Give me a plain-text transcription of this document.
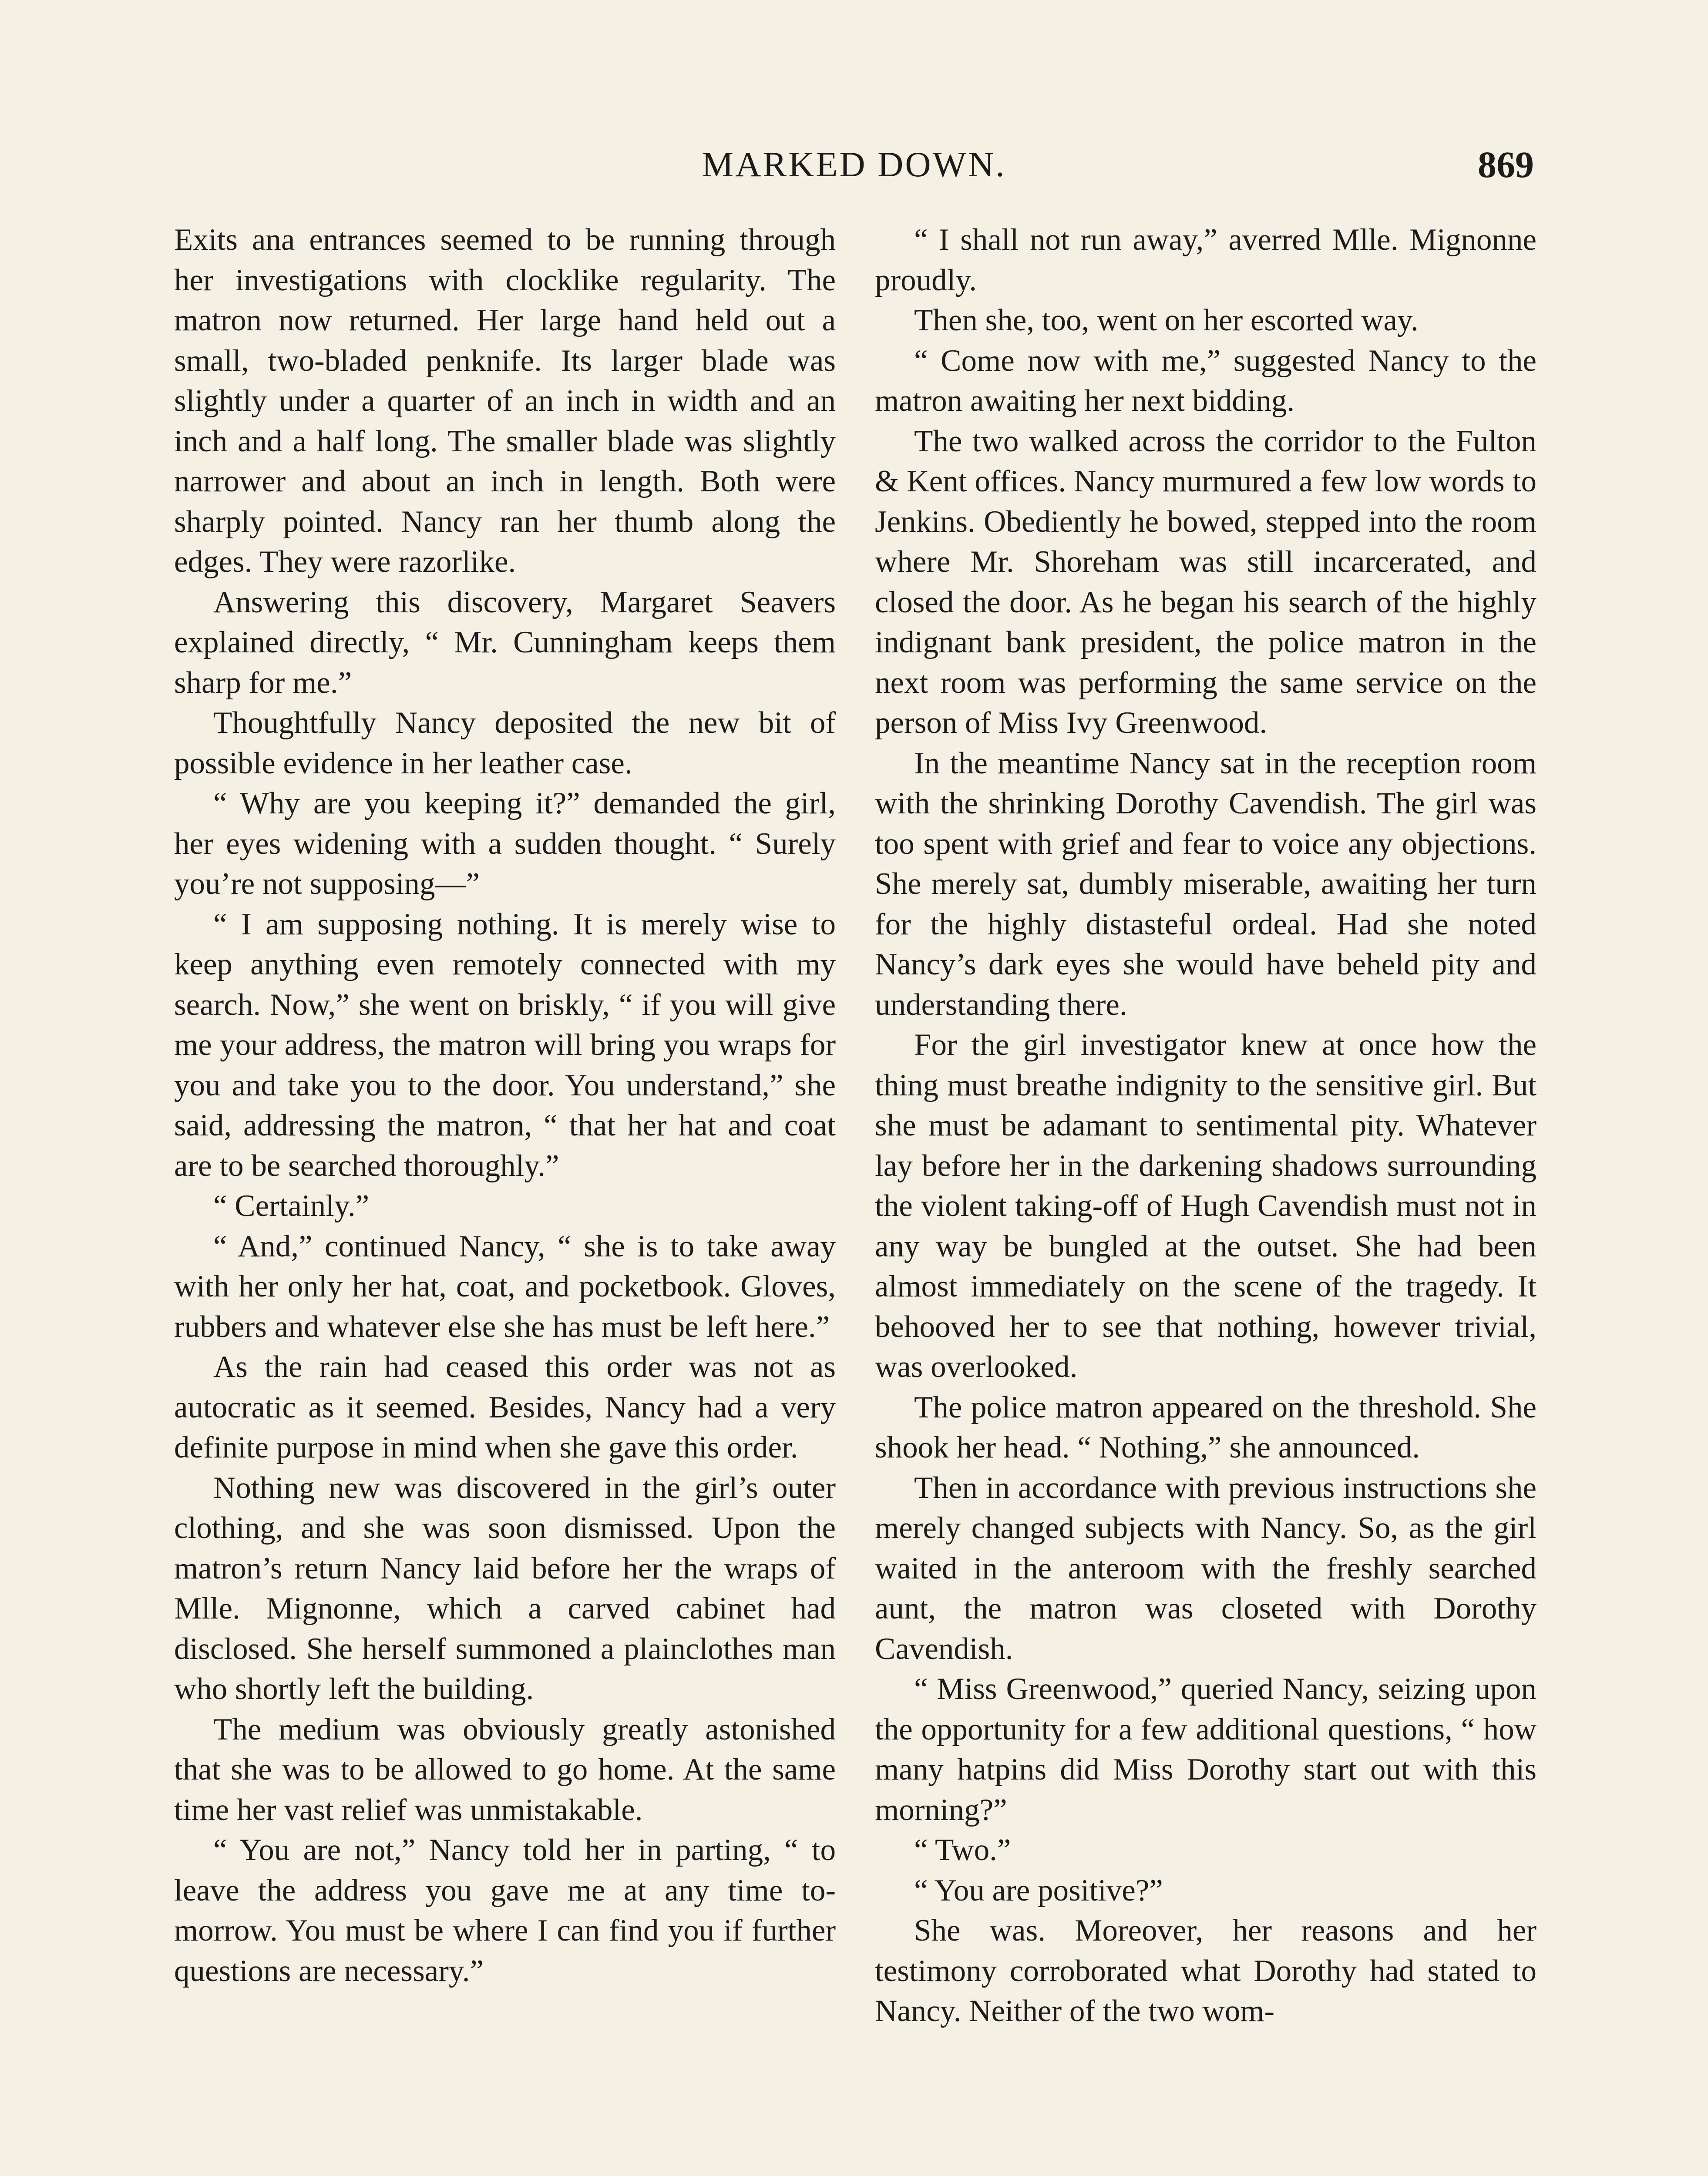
MARKED DOWN.	869

Exits ana entrances seemed to be running through her investigations with clocklike regularity. The matron now returned. Her large hand held out a small, two-bladed penknife. Its larger blade was slightly under a quarter of an inch in width and an inch and a half long. The smaller blade was slightly narrower and about an inch in length. Both were sharply pointed. Nancy ran her thumb along the edges. They were razorlike.

Answering this discovery, Margaret Seavers explained directly, “ Mr. Cunningham keeps them sharp for me.”

Thoughtfully Nancy deposited the new bit of possible evidence in her leather case.

“ Why are you keeping it?” demanded the girl, her eyes widening with a sudden thought. “ Surely you’re not supposing—”

“ I am supposing nothing. It is merely wise to keep anything even remotely connected with my search. Now,” she went on briskly, “ if you will give me your address, the matron will bring you wraps for you and take you to the door. You understand,” she said, addressing the matron, “ that her hat and coat are to be searched thoroughly.”

“ Certainly.”

“ And,” continued Nancy, “ she is to take away with her only her hat, coat, and pocketbook. Gloves, rubbers and whatever else she has must be left here.”

As the rain had ceased this order was not as autocratic as it seemed. Besides, Nancy had a very definite purpose in mind when she gave this order.

Nothing new was discovered in the girl’s outer clothing, and she was soon dismissed. Upon the matron’s return Nancy laid before her the wraps of Mlle. Mignonne, which a carved cabinet had disclosed. She herself summoned a plainclothes man who shortly left the building.

The medium was obviously greatly astonished that she was to be allowed to go home. At the same time her vast relief was unmistakable.

“ You are not,” Nancy told her in parting, “ to leave the address you gave me at any time to-morrow. You must be where I can find you if further questions are necessary.”

“ I shall not run away,” averred Mlle. Mignonne proudly.

Then she, too, went on her escorted way.

“ Come now with me,” suggested Nancy to the matron awaiting her next bidding.

The two walked across the corridor to the Fulton & Kent offices. Nancy murmured a few low words to Jenkins. Obediently he bowed, stepped into the room where Mr. Shoreham was still incarcerated, and closed the door. As he began his search of the highly indignant bank president, the police matron in the next room was performing the same service on the person of Miss Ivy Greenwood.

In the meantime Nancy sat in the reception room with the shrinking Dorothy Cavendish. The girl was too spent with grief and fear to voice any objections. She merely sat, dumbly miserable, awaiting her turn for the highly distasteful ordeal. Had she noted Nancy’s dark eyes she would have beheld pity and understanding there.

For the girl investigator knew at once how the thing must breathe indignity to the sensitive girl. But she must be adamant to sentimental pity. Whatever lay before her in the darkening shadows surrounding the violent taking-off of Hugh Cavendish must not in any way be bungled at the outset. She had been almost immediately on the scene of the tragedy. It behooved her to see that nothing, however trivial, was overlooked.

The police matron appeared on the threshold. She shook her head. “ Nothing,” she announced.

Then in accordance with previous instructions she merely changed subjects with Nancy. So, as the girl waited in the anteroom with the freshly searched aunt, the matron was closeted with Dorothy Cavendish.

“ Miss Greenwood,” queried Nancy, seizing upon the opportunity for a few additional questions, “ how many hatpins did Miss Dorothy start out with this morning?”

“ Two.”

“ You are positive?”

She was. Moreover, her reasons and her testimony corroborated what Dorothy had stated to Nancy. Neither of the two wom-
